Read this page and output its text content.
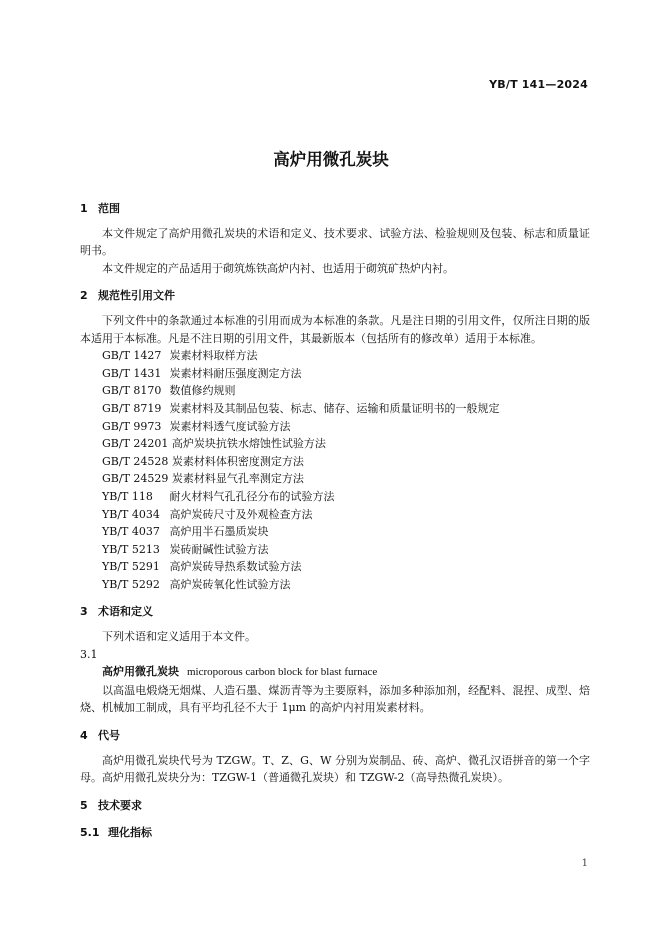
YB/T 141—2024
高炉用微孔炭块

1 范围

本文件规定了高炉用微孔炭块的术语和定义、技术要求、试验方法、检验规则及包装、标志和质量证明书。

本文件规定的产品适用于砌筑炼铁高炉内衬、也适用于砌筑矿热炉内衬。

2 规范性引用文件

下列文件中的条款通过本标准的引用而成为本标准的条款。凡是注日期的引用文件，仅所注日期的版本适用于本标准。凡是不注日期的引用文件，其最新版本（包括所有的修改单）适用于本标准。

GB/T 1427 炭素材料取样方法
GB/T 1431 炭素材料耐压强度测定方法
GB/T 8170 数值修约规则
GB/T 8719 炭素材料及其制品包装、标志、储存、运输和质量证明书的一般规定
GB/T 9973 炭素材料透气度试验方法
GB/T 24201 高炉炭块抗铁水熔蚀性试验方法
GB/T 24528 炭素材料体积密度测定方法
GB/T 24529 炭素材料显气孔率测定方法
YB/T 118 耐火材料气孔孔径分布的试验方法
YB/T 4034 高炉炭砖尺寸及外观检查方法
YB/T 4037 高炉用半石墨质炭块
YB/T 5213 炭砖耐碱性试验方法
YB/T 5291 高炉炭砖导热系数试验方法
YB/T 5292 高炉炭砖氧化性试验方法

3 术语和定义

下列术语和定义适用于本文件。

3.1

高炉用微孔炭块 microporous carbon block for blast furnace

以高温电煅烧无烟煤、人造石墨、煤沥青等为主要原料，添加多种添加剂，经配料、混捏、成型、焙烧、机械加工制成，具有平均孔径不大于 1μm 的高炉内衬用炭素材料。

4 代号

高炉用微孔炭块代号为 TZGW。T、Z、G、W 分别为炭制品、砖、高炉、微孔汉语拼音的第一个字母。高炉用微孔炭块分为：TZGW-1（普通微孔炭块）和 TZGW-2（高导热微孔炭块）。

5 技术要求

5.1 理化指标

1
